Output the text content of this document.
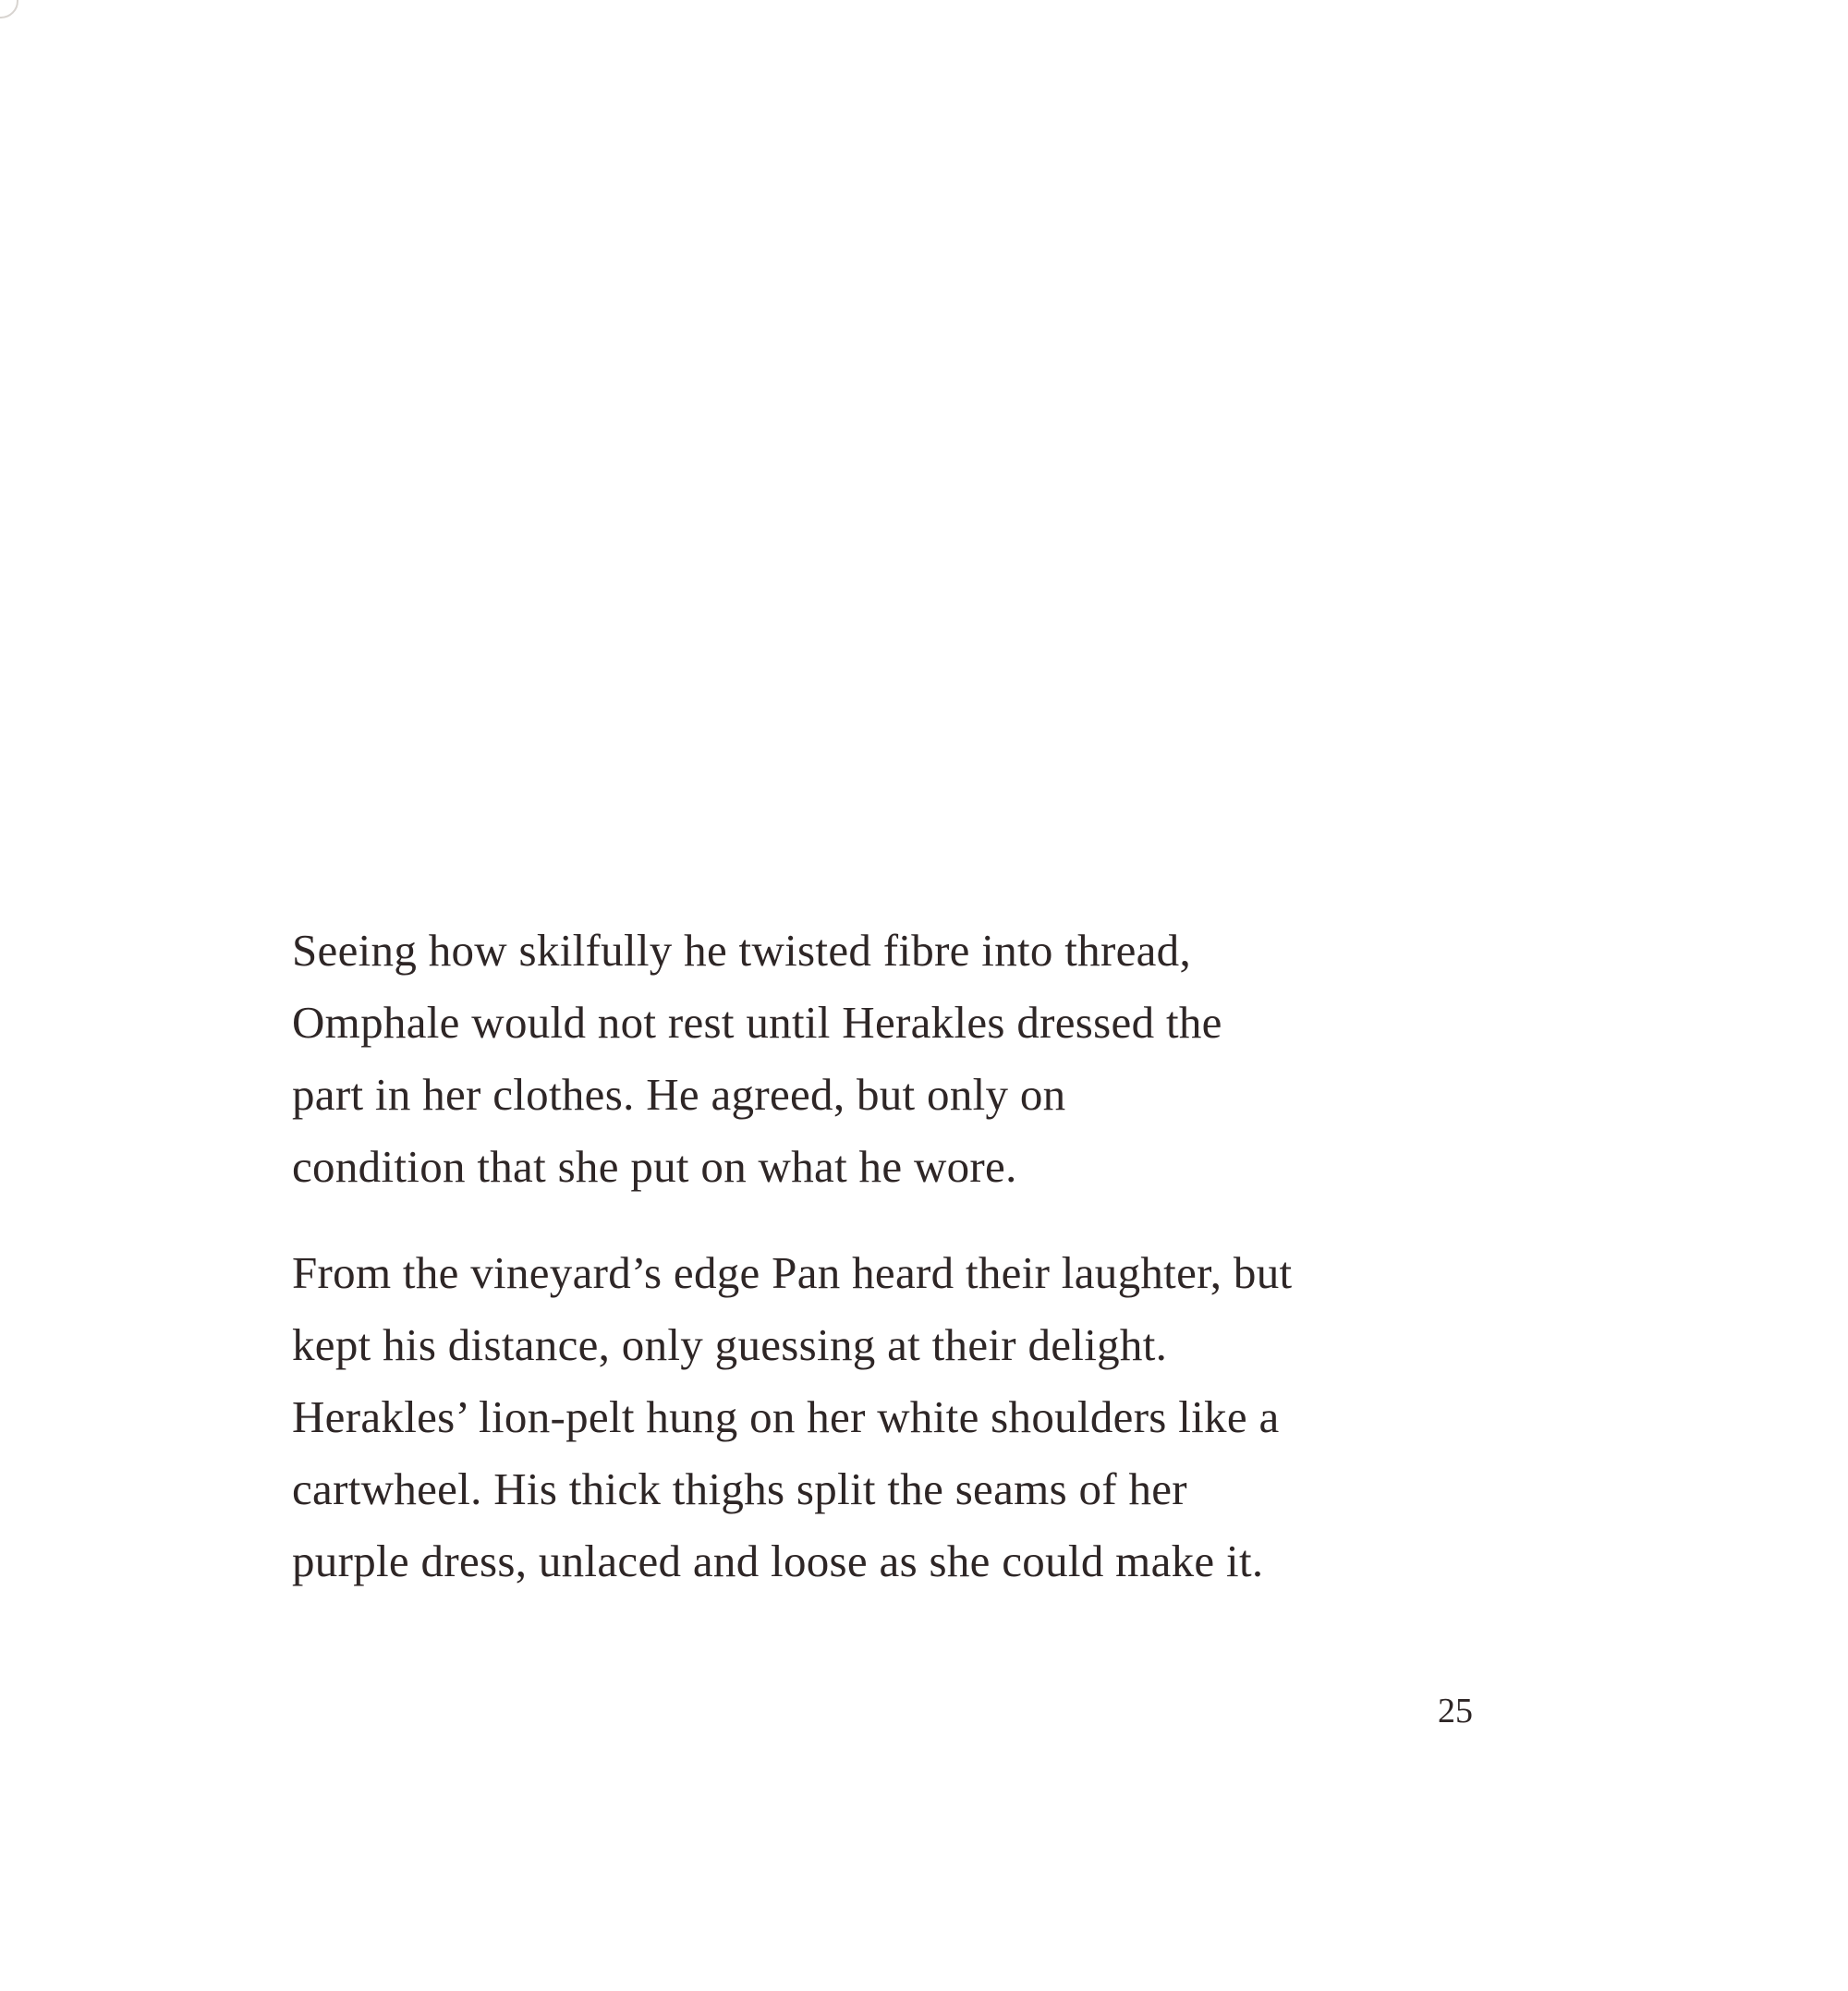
Seeing how skilfully he twisted fibre into thread,
Omphale would not rest until Herakles dressed the
part in her clothes. He agreed, but only on
condition that she put on what he wore.

From the vineyard’s edge Pan heard their laughter, but
kept his distance, only guessing at their delight.
Herakles’ lion-pelt hung on her white shoulders like a
cartwheel. His thick thighs split the seams of her
purple dress, unlaced and loose as she could make it.

25
